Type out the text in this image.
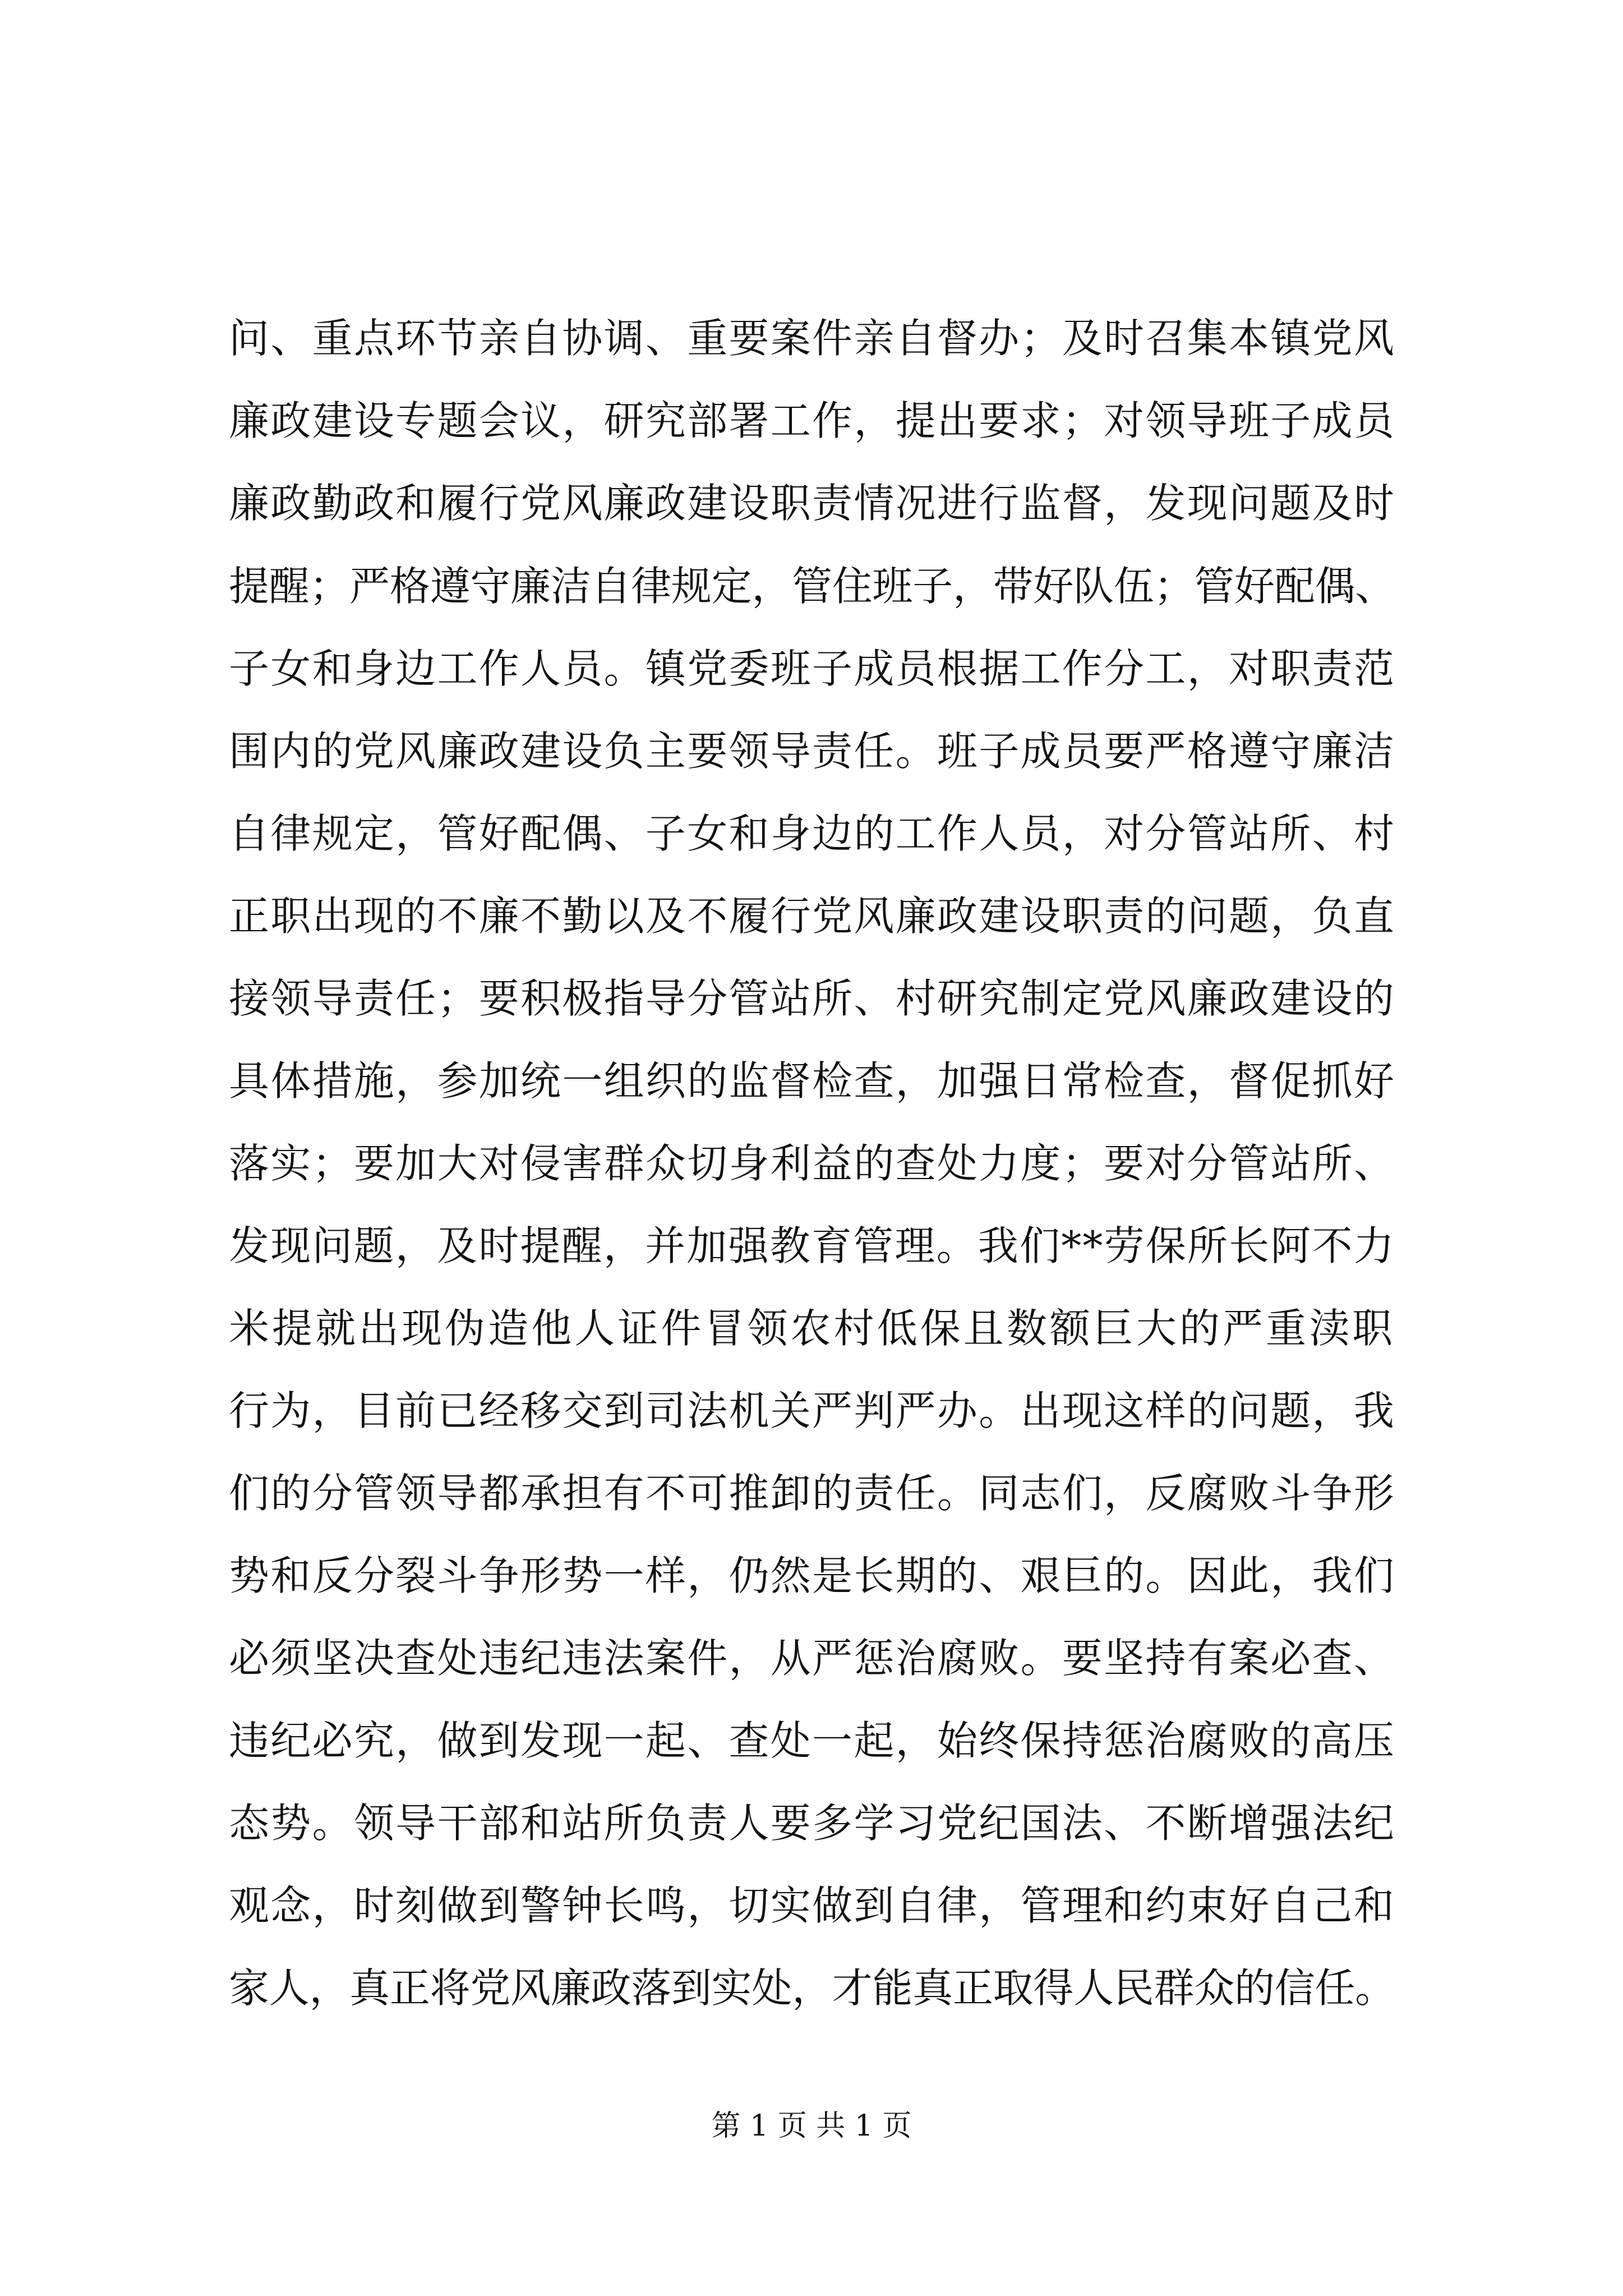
问、重点环节亲自协调、重要案件亲自督办；及时召集本镇党风
廉政建设专题会议，研究部署工作，提出要求；对领导班子成员
廉政勤政和履行党风廉政建设职责情况进行监督，发现问题及时
提醒；严格遵守廉洁自律规定，管住班子，带好队伍；管好配偶、
子女和身边工作人员。镇党委班子成员根据工作分工，对职责范
围内的党风廉政建设负主要领导责任。班子成员要严格遵守廉洁
自律规定，管好配偶、子女和身边的工作人员，对分管站所、村
正职出现的不廉不勤以及不履行党风廉政建设职责的问题，负直
接领导责任；要积极指导分管站所、村研究制定党风廉政建设的
具体措施，参加统一组织的监督检查，加强日常检查，督促抓好
落实；要加大对侵害群众切身利益的查处力度；要对分管站所、
发现问题，及时提醒，并加强教育管理。我们**劳保所长阿不力
米提就出现伪造他人证件冒领农村低保且数额巨大的严重渎职
行为，目前已经移交到司法机关严判严办。出现这样的问题，我
们的分管领导都承担有不可推卸的责任。同志们，反腐败斗争形
势和反分裂斗争形势一样，仍然是长期的、艰巨的。因此，我们
必须坚决查处违纪违法案件，从严惩治腐败。要坚持有案必查、
违纪必究，做到发现一起、查处一起，始终保持惩治腐败的高压
态势。领导干部和站所负责人要多学习党纪国法、不断增强法纪
观念，时刻做到警钟长鸣，切实做到自律，管理和约束好自己和
家人，真正将党风廉政落到实处，才能真正取得人民群众的信任。
第 1 页 共 1 页
